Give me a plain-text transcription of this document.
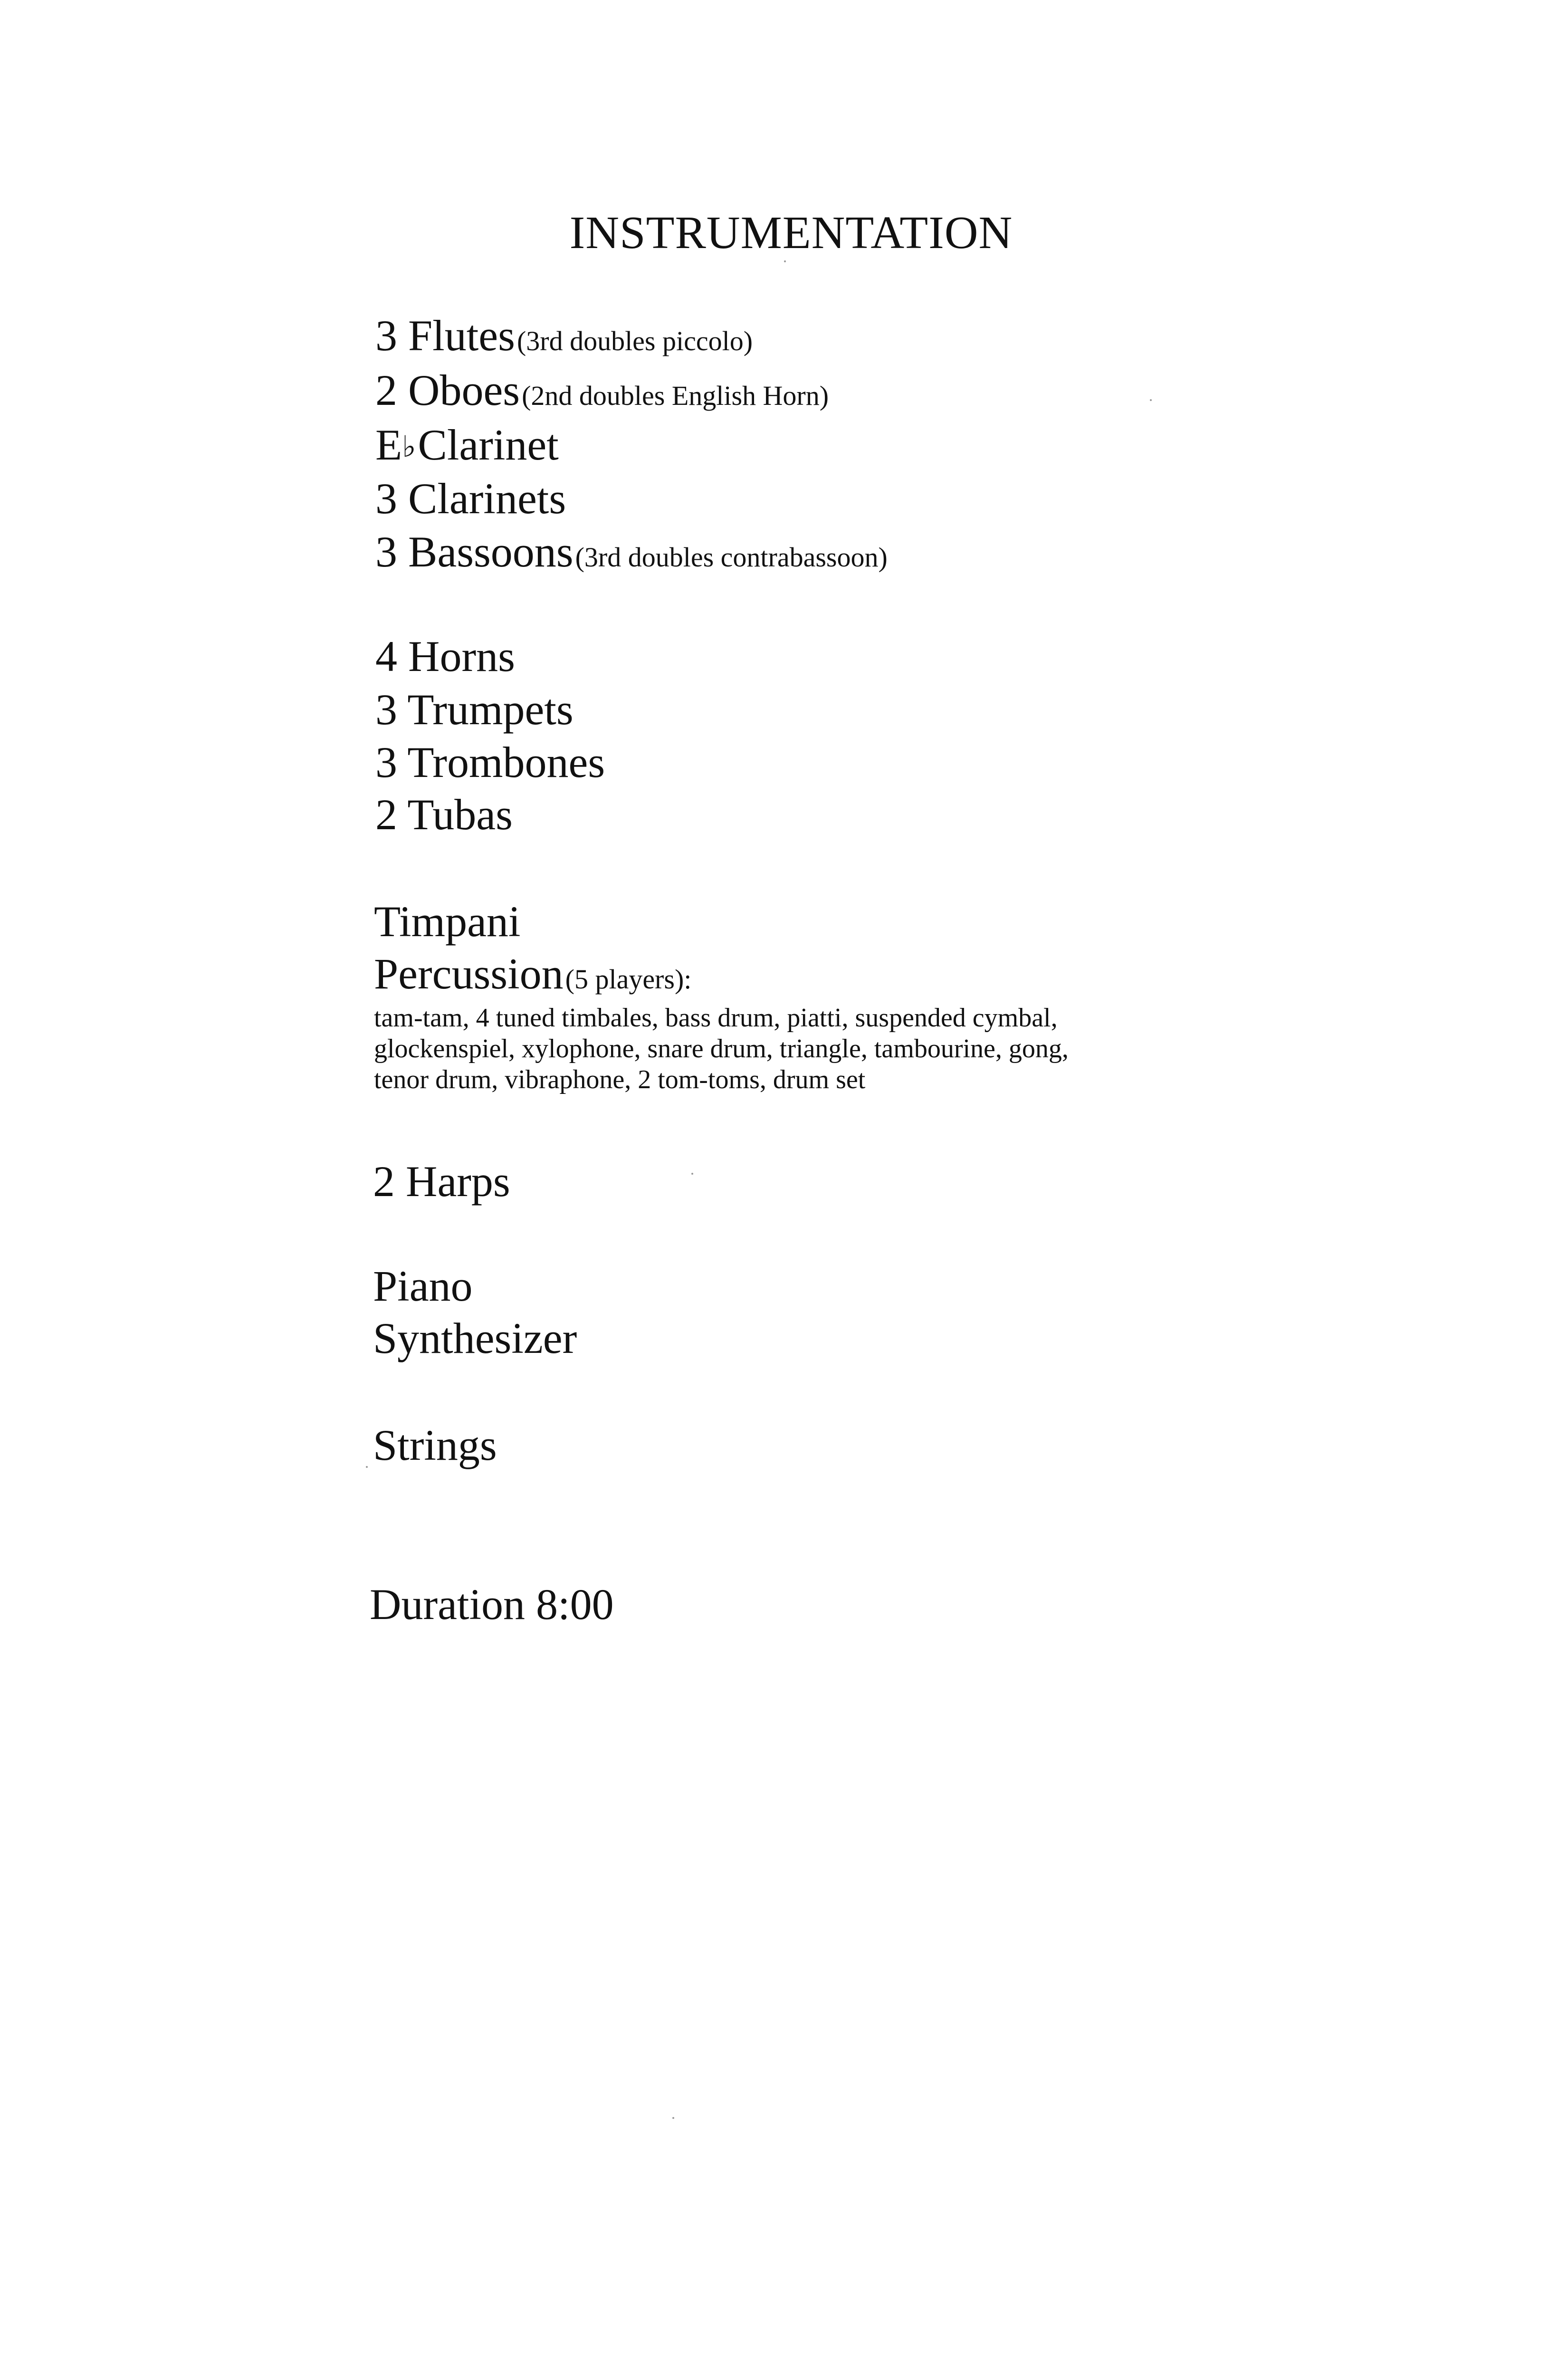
INSTRUMENTATION
3 Flutes (3rd doubles piccolo)
2 Oboes (2nd doubles English Horn)
E♭ Clarinet
3 Clarinets
3 Bassoons (3rd doubles contrabassoon)
4 Horns
3 Trumpets
3 Trombones
2 Tubas
Timpani
Percussion (5 players):
tam-tam, 4 tuned timbales, bass drum, piatti, suspended cymbal,
glockenspiel, xylophone, snare drum, triangle, tambourine, gong,
tenor drum, vibraphone, 2 tom-toms, drum set
2 Harps
Piano
Synthesizer
Strings
Duration 8:00
